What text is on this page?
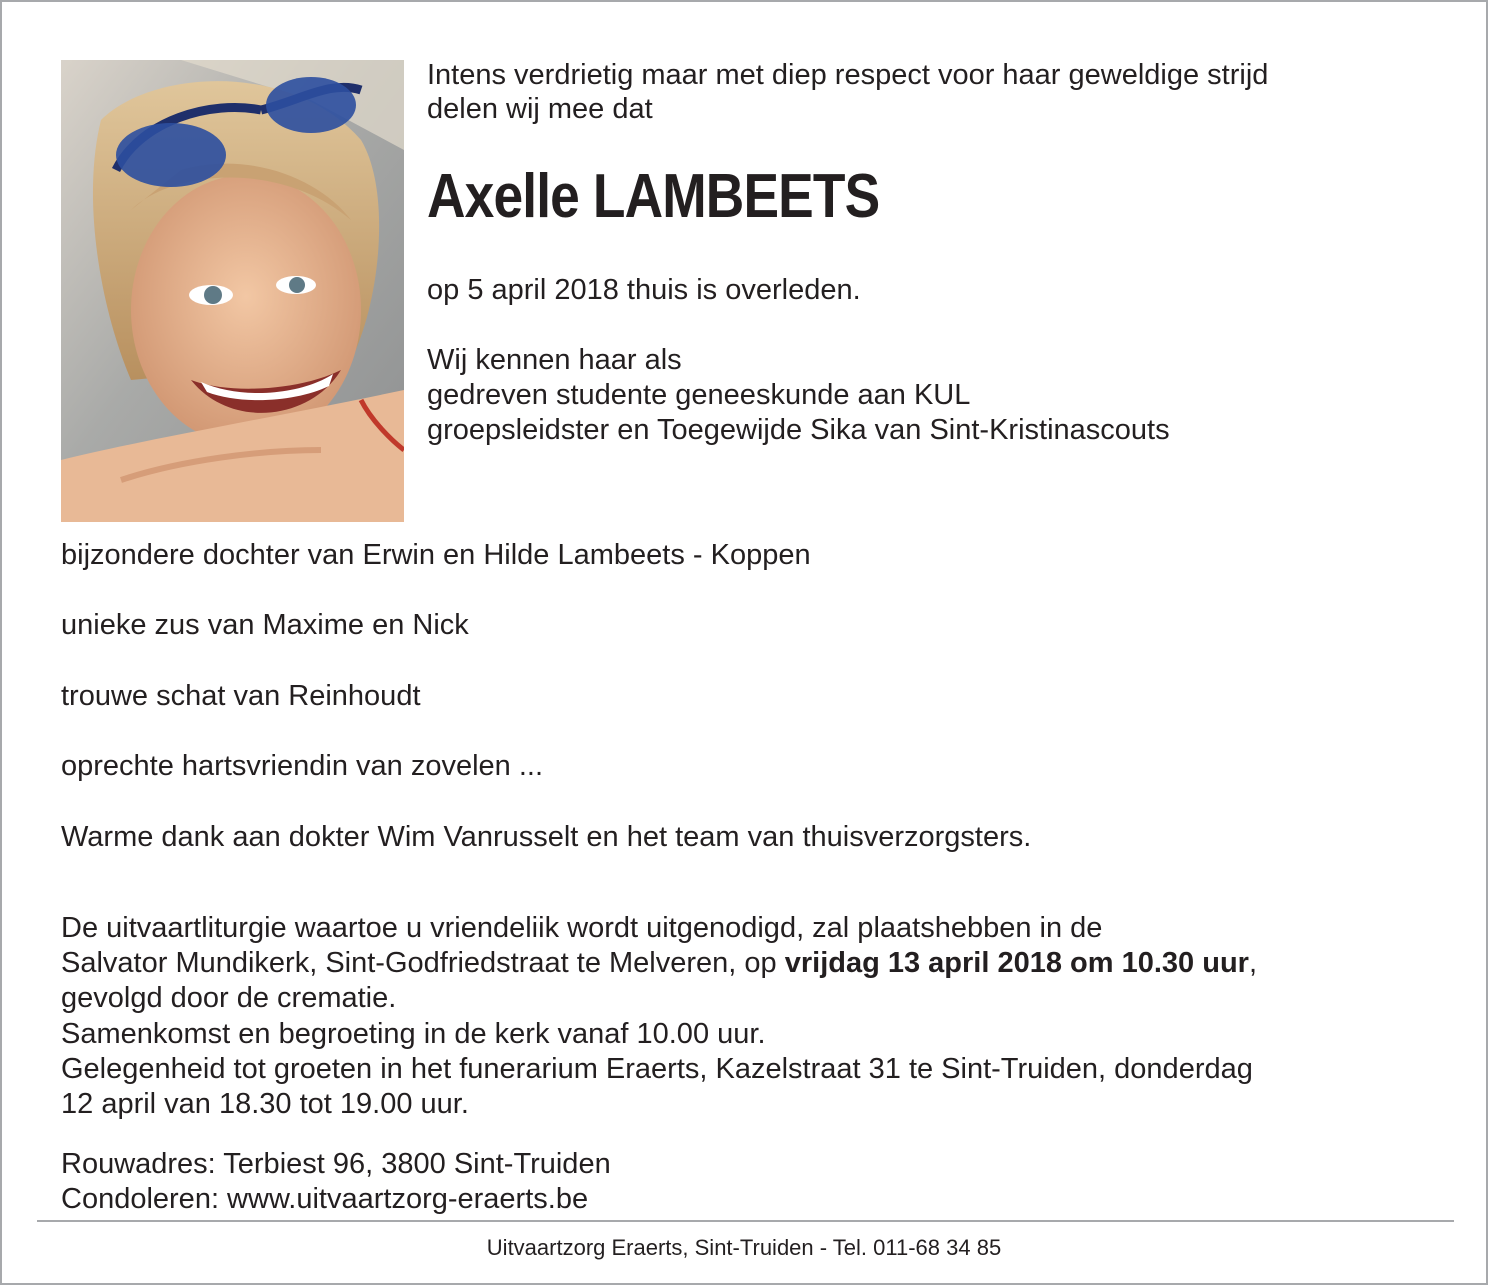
Intens verdrietig maar met diep respect voor haar geweldige strijd
delen wij mee dat
Axelle LAMBEETS
op 5 april 2018 thuis is overleden.
Wij kennen haar als
gedreven studente geneeskunde aan KUL
groepsleidster en Toegewijde Sika van Sint-Kristinascouts
bijzondere dochter van Erwin en Hilde Lambeets - Koppen
unieke zus van Maxime en Nick
trouwe schat van Reinhoudt
oprechte hartsvriendin van zovelen ...
Warme dank aan dokter Wim Vanrusselt en het team van thuisverzorgsters.
De uitvaartliturgie waartoe u vriendeliik wordt uitgenodigd, zal plaatshebben in de
Salvator Mundikerk, Sint-Godfriedstraat te Melveren, op vrijdag 13 april 2018 om 10.30 uur,
gevolgd door de crematie.
Samenkomst en begroeting in de kerk vanaf 10.00 uur.
Gelegenheid tot groeten in het funerarium Eraerts, Kazelstraat 31 te Sint-Truiden, donderdag
12 april van 18.30 tot 19.00 uur.
Rouwadres: Terbiest 96, 3800 Sint-Truiden
Condoleren: www.uitvaartzorg-eraerts.be
Uitvaartzorg Eraerts, Sint-Truiden - Tel. 011-68 34 85
